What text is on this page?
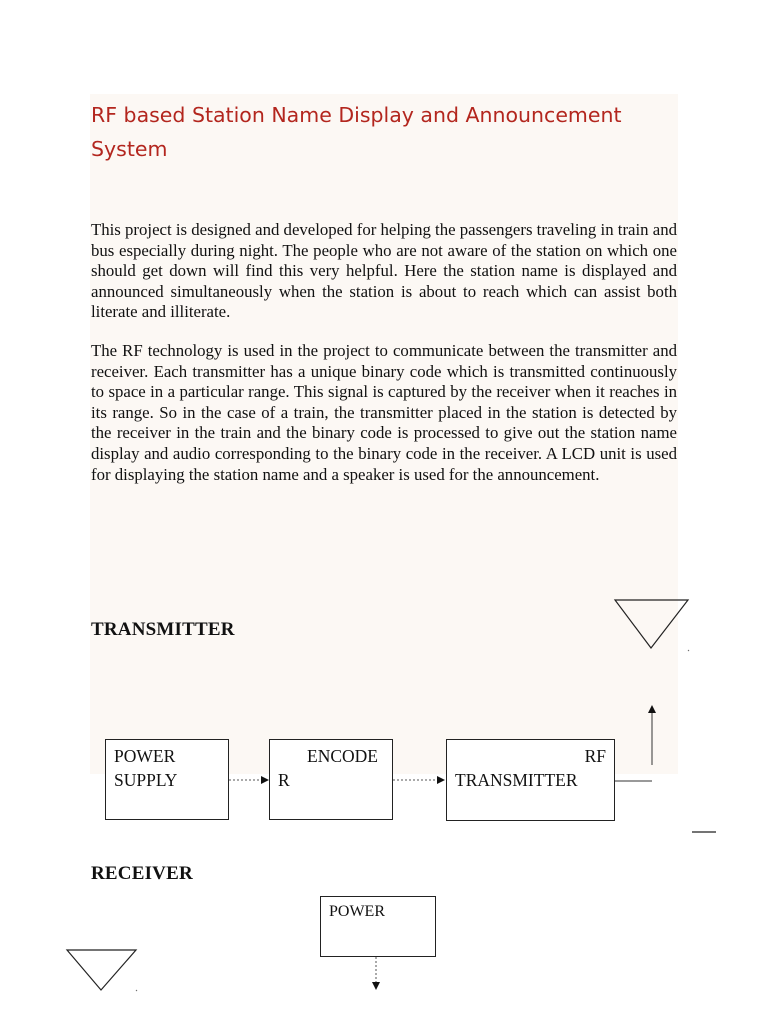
RF based Station Name Display and Announcement System

This project is designed and developed for helping the passengers traveling in train and bus especially during night. The people who are not aware of the station on which one should get down will find this very helpful. Here the station name is displayed and announced simultaneously when the station is about to reach which can assist both literate and illiterate.

The RF technology is used in the project to communicate between the transmitter and receiver. Each transmitter has a unique binary code which is transmitted continuously to space in a particular range. This signal is captured by the receiver when it reaches in its range. So in the case of a train, the transmitter placed in the station is detected by the receiver in the train and the binary code is processed to give out the station name display and audio corresponding to the binary code in the receiver. A LCD unit is used for displaying the station name and a speaker is used for the announcement.

TRANSMITTER
POWER
SUPPLY
ENCODE
R
RF
TRANSMITTER
RECEIVER
POWER
